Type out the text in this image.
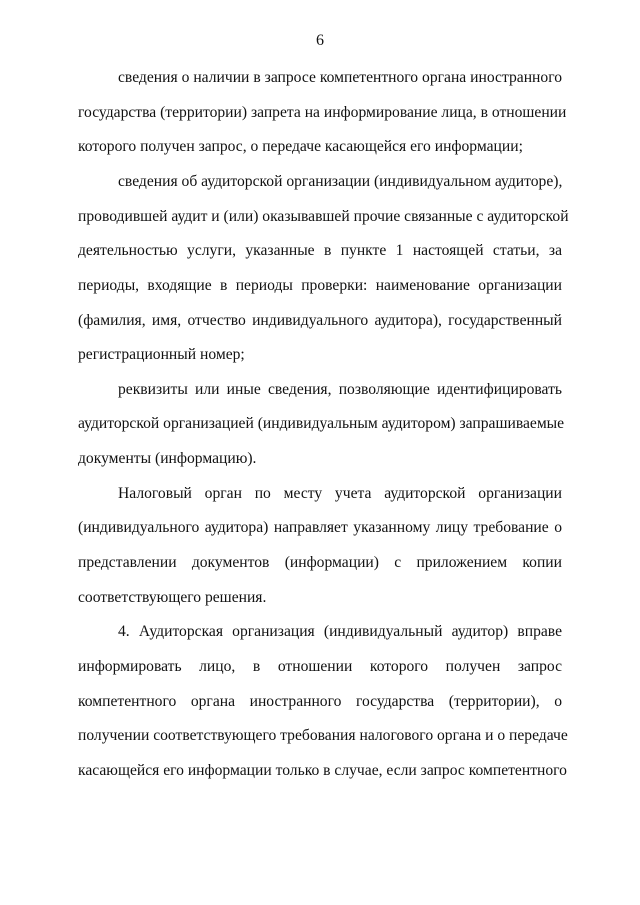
6
сведения о наличии в запросе компетентного органа иностранного
государства (территории) запрета на информирование лица, в отношении
которого получен запрос, о передаче касающейся его информации;
сведения об аудиторской организации (индивидуальном аудиторе),
проводившей аудит и (или) оказывавшей прочие связанные с аудиторской
деятельностью услуги, указанные в пункте 1 настоящей статьи, за
периоды, входящие в периоды проверки: наименование организации
(фамилия, имя, отчество индивидуального аудитора), государственный
регистрационный номер;
реквизиты или иные сведения, позволяющие идентифицировать
аудиторской организацией (индивидуальным аудитором) запрашиваемые
документы (информацию).
Налоговый орган по месту учета аудиторской организации
(индивидуального аудитора) направляет указанному лицу требование о
представлении документов (информации) с приложением копии
соответствующего решения.
4. Аудиторская организация (индивидуальный аудитор) вправе
информировать лицо, в отношении которого получен запрос
компетентного органа иностранного государства (территории), о
получении соответствующего требования налогового органа и о передаче
касающейся его информации только в случае, если запрос компетентного
